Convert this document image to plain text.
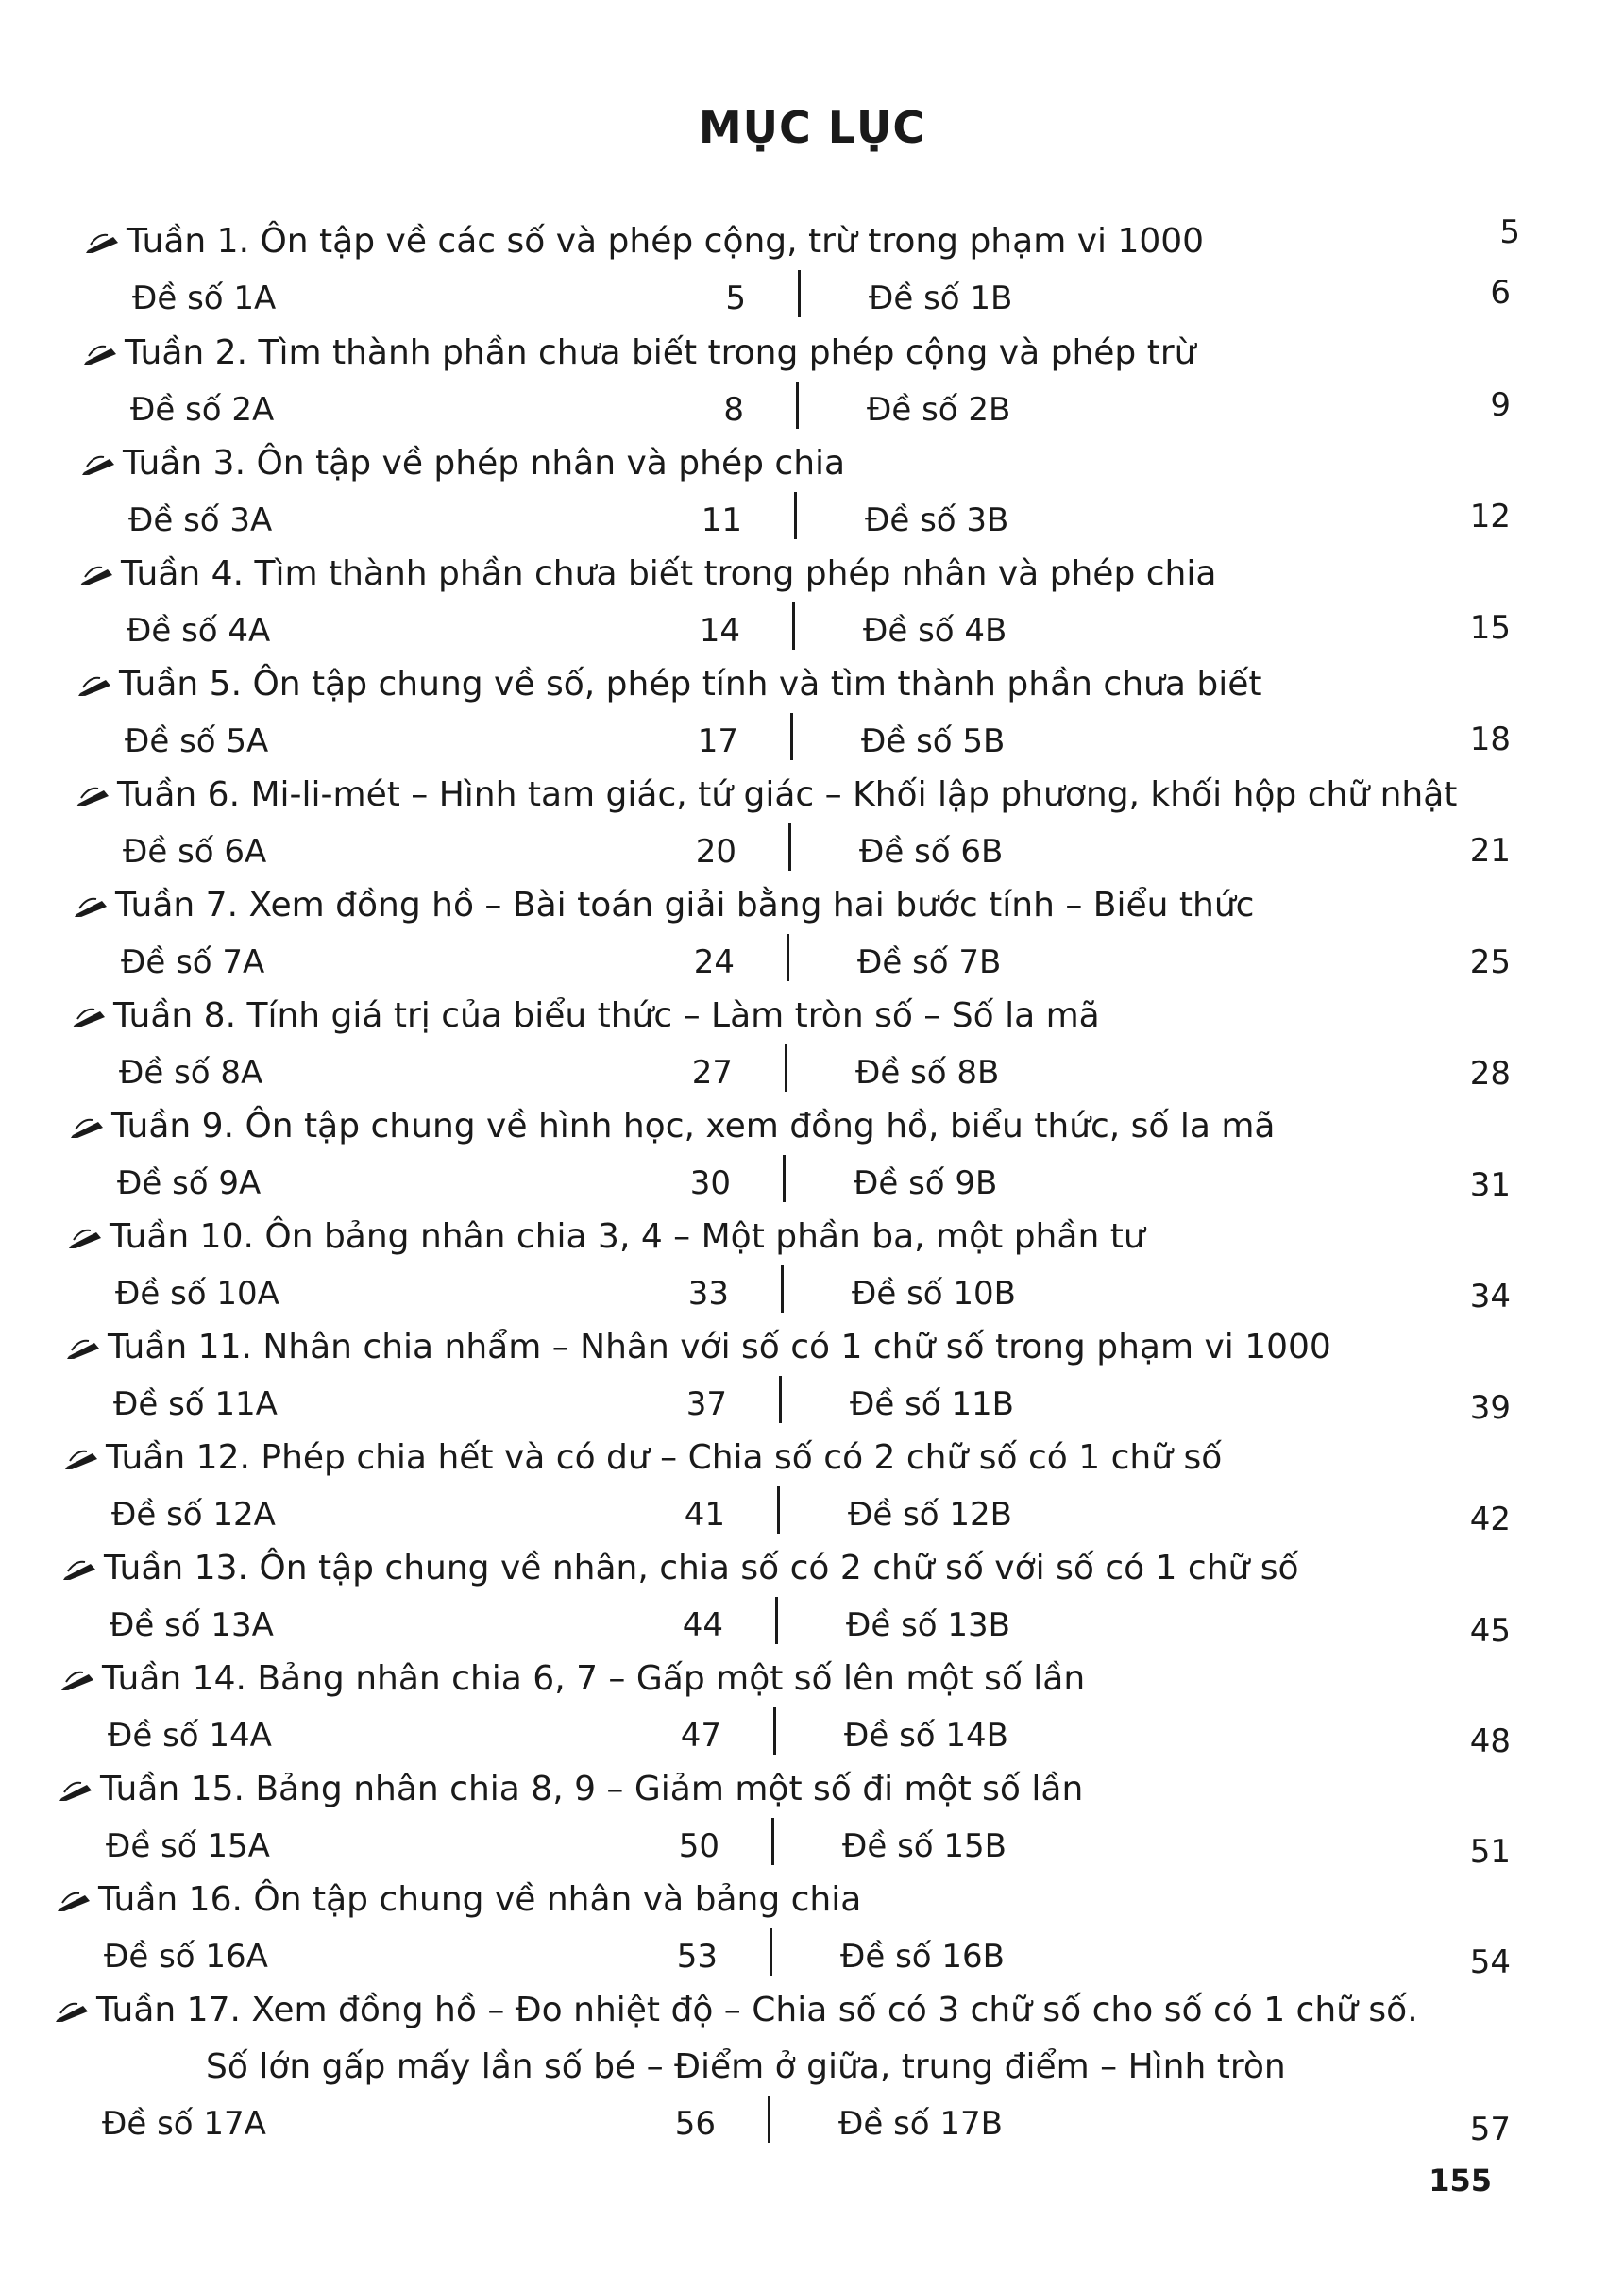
MỤC LỤC
Tuần 1. Ôn tập về các số và phép cộng, trừ trong phạm vi 1000	5
Đề số 1A	5	Đề số 1B	6
Tuần 2. Tìm thành phần chưa biết trong phép cộng và phép trừ
Đề số 2A	8	Đề số 2B	9
Tuần 3. Ôn tập về phép nhân và phép chia
Đề số 3A	11	Đề số 3B	12
Tuần 4. Tìm thành phần chưa biết trong phép nhân và phép chia
Đề số 4A	14	Đề số 4B	15
Tuần 5. Ôn tập chung về số, phép tính và tìm thành phần chưa biết
Đề số 5A	17	Đề số 5B	18
Tuần 6. Mi-li-mét – Hình tam giác, tứ giác – Khối lập phương, khối hộp chữ nhật
Đề số 6A	20	Đề số 6B	21
Tuần 7. Xem đồng hồ – Bài toán giải bằng hai bước tính – Biểu thức
Đề số 7A	24	Đề số 7B	25
Tuần 8. Tính giá trị của biểu thức – Làm tròn số – Số la mã
Đề số 8A	27	Đề số 8B	28
Tuần 9. Ôn tập chung về hình học, xem đồng hồ, biểu thức, số la mã
Đề số 9A	30	Đề số 9B	31
Tuần 10. Ôn bảng nhân chia 3, 4 – Một phần ba, một phần tư
Đề số 10A	33	Đề số 10B	34
Tuần 11. Nhân chia nhẩm – Nhân với số có 1 chữ số trong phạm vi 1000
Đề số 11A	37	Đề số 11B	39
Tuần 12. Phép chia hết và có dư – Chia số có 2 chữ số có 1 chữ số
Đề số 12A	41	Đề số 12B	42
Tuần 13. Ôn tập chung về nhân, chia số có 2 chữ số với số có 1 chữ số
Đề số 13A	44	Đề số 13B	45
Tuần 14. Bảng nhân chia 6, 7 – Gấp một số lên một số lần
Đề số 14A	47	Đề số 14B	48
Tuần 15. Bảng nhân chia 8, 9 – Giảm một số đi một số lần
Đề số 15A	50	Đề số 15B	51
Tuần 16. Ôn tập chung về nhân và bảng chia
Đề số 16A	53	Đề số 16B	54
Tuần 17. Xem đồng hồ – Đo nhiệt độ – Chia số có 3 chữ số cho số có 1 chữ số.
Số lớn gấp mấy lần số bé – Điểm ở giữa, trung điểm – Hình tròn
Đề số 17A	56	Đề số 17B	57
155
